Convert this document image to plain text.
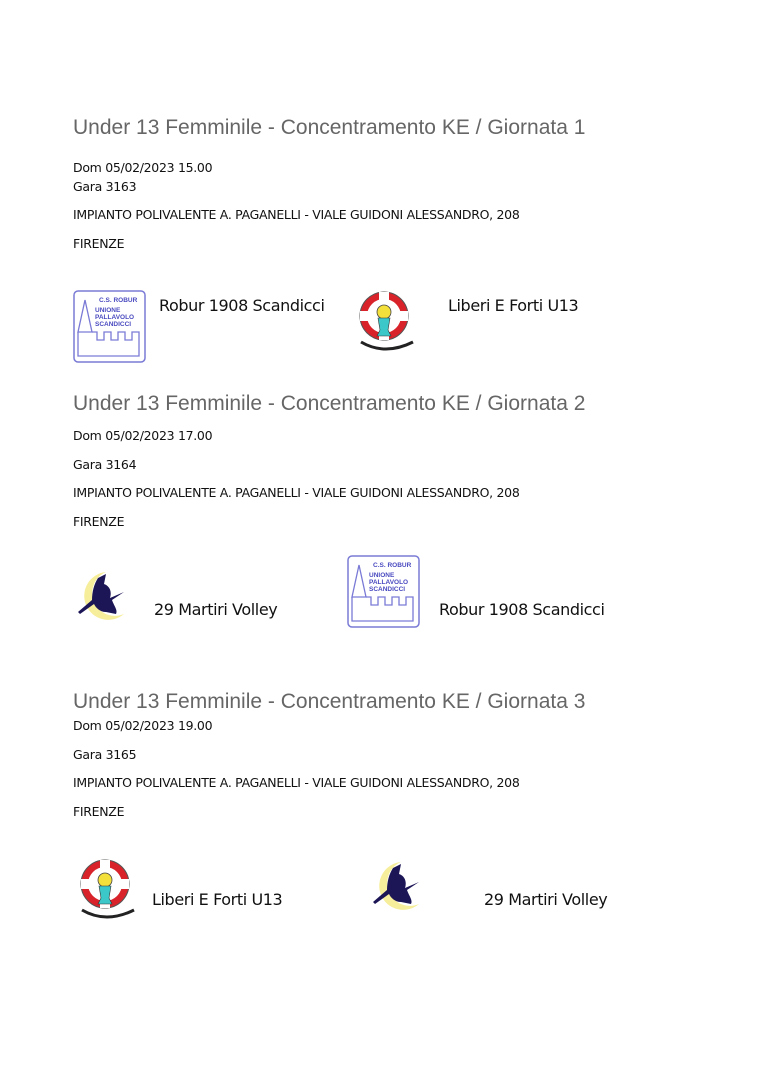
Under 13 Femminile - Concentramento KE / Giornata 1
Dom 05/02/2023 15.00
Gara 3163
IMPIANTO POLIVALENTE A. PAGANELLI - VIALE GUIDONI ALESSANDRO, 208
FIRENZE
C.S. ROBUR
UNIONE
PALLAVOLO
SCANDICCI
Robur 1908 Scandicci	Liberi E Forti U13
Under 13 Femminile - Concentramento KE / Giornata 2
Dom 05/02/2023 17.00
Gara 3164
IMPIANTO POLIVALENTE A. PAGANELLI - VIALE GUIDONI ALESSANDRO, 208
FIRENZE
29 Martiri Volley
C.S. ROBUR
UNIONE
PALLAVOLO
SCANDICCI
Robur 1908 Scandicci
Under 13 Femminile - Concentramento KE / Giornata 3
Dom 05/02/2023 19.00
Gara 3165
IMPIANTO POLIVALENTE A. PAGANELLI - VIALE GUIDONI ALESSANDRO, 208
FIRENZE
Liberi E Forti U13	29 Martiri Volley
